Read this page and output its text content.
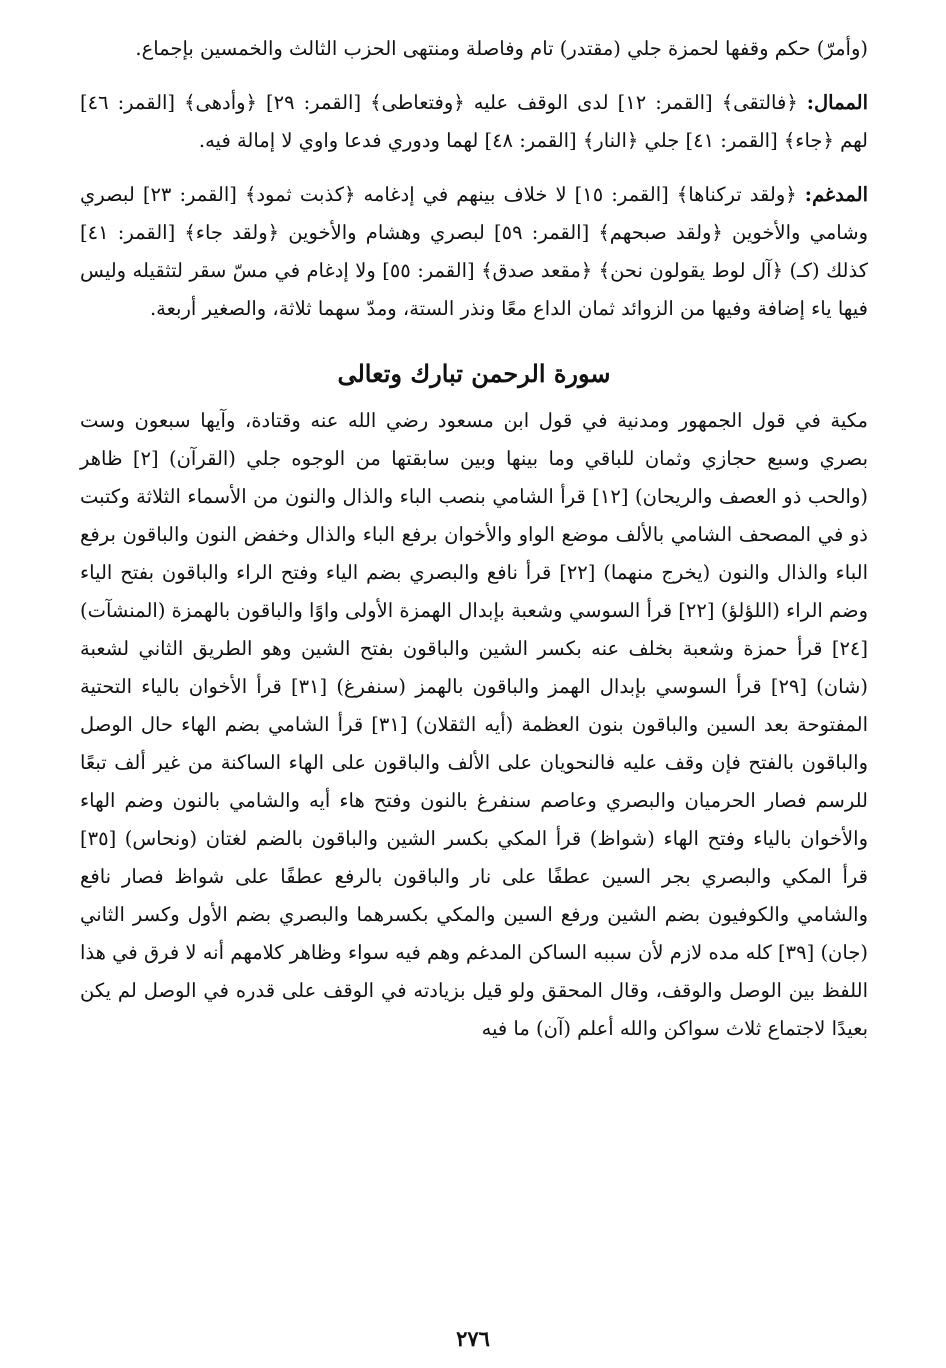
(وأمرّ) حكم وقفها لحمزة جلي (مقتدر) تام وفاصلة ومنتهى الحزب الثالث والخمسين بإجماع.

الممال: ﴿فالتقى﴾ [القمر: ١٢] لدى الوقف عليه ﴿وفتعاطى﴾ [القمر: ٢٩] ﴿وأدهى﴾ [القمر: ٤٦] لهم ﴿جاء﴾ [القمر: ٤١] جلي ﴿النار﴾ [القمر: ٤٨] لهما ودوري فدعا واوي لا إمالة فيه.

المدغم: ﴿ولقد تركناها﴾ [القمر: ١٥] لا خلاف بينهم في إدغامه ﴿كذبت ثمود﴾ [القمر: ٢٣] لبصري وشامي والأخوين ﴿ولقد صبحهم﴾ [القمر: ٥٩] لبصري وهشام والأخوين ﴿ولقد جاء﴾ [القمر: ٤١] كذلك (كـ) ﴿آل لوط يقولون نحن﴾ ﴿مقعد صدق﴾ [القمر: ٥٥] ولا إدغام في مسّ سقر لتثقيله وليس فيها ياء إضافة وفيها من الزوائد ثمان الداع معًا ونذر الستة، ومدّ سهما ثلاثة، والصغير أربعة.

سورة الرحمن تبارك وتعالى

مكية في قول الجمهور ومدنية في قول ابن مسعود رضي الله عنه وقتادة، وآيها سبعون وست بصري وسبع حجازي وثمان للباقي وما بينها وبين سابقتها من الوجوه جلي (القرآن) [٢] ظاهر (والحب ذو العصف والريحان) [١٢] قرأ الشامي بنصب الباء والذال والنون من الأسماء الثلاثة وكتبت ذو في المصحف الشامي بالألف موضع الواو والأخوان برفع الباء والذال وخفض النون والباقون برفع الباء والذال والنون (يخرج منهما) [٢٢] قرأ نافع والبصري بضم الياء وفتح الراء والباقون بفتح الياء وضم الراء (اللؤلؤ) [٢٢] قرأ السوسي وشعبة بإبدال الهمزة الأولى واوًا والباقون بالهمزة (المنشآت) [٢٤] قرأ حمزة وشعبة بخلف عنه بكسر الشين والباقون بفتح الشين وهو الطريق الثاني لشعبة (شان) [٢٩] قرأ السوسي بإبدال الهمز والباقون بالهمز (سنفرغ) [٣١] قرأ الأخوان بالياء التحتية المفتوحة بعد السين والباقون بنون العظمة (أيه الثقلان) [٣١] قرأ الشامي بضم الهاء حال الوصل والباقون بالفتح فإن وقف عليه فالنحويان على الألف والباقون على الهاء الساكنة من غير ألف تبعًا للرسم فصار الحرميان والبصري وعاصم سنفرغ بالنون وفتح هاء أيه والشامي بالنون وضم الهاء والأخوان بالياء وفتح الهاء (شواظ) قرأ المكي بكسر الشين والباقون بالضم لغتان (ونحاس) [٣٥] قرأ المكي والبصري بجر السين عطفًا على نار والباقون بالرفع عطفًا على شواظ فصار نافع والشامي والكوفيون بضم الشين ورفع السين والمكي بكسرهما والبصري بضم الأول وكسر الثاني (جان) [٣٩] كله مده لازم لأن سببه الساكن المدغم وهم فيه سواء وظاهر كلامهم أنه لا فرق في هذا اللفظ بين الوصل والوقف، وقال المحقق ولو قيل بزيادته في الوقف على قدره في الوصل لم يكن بعيدًا لاجتماع ثلاث سواكن والله أعلم (آن) ما فيه

٢٧٦
